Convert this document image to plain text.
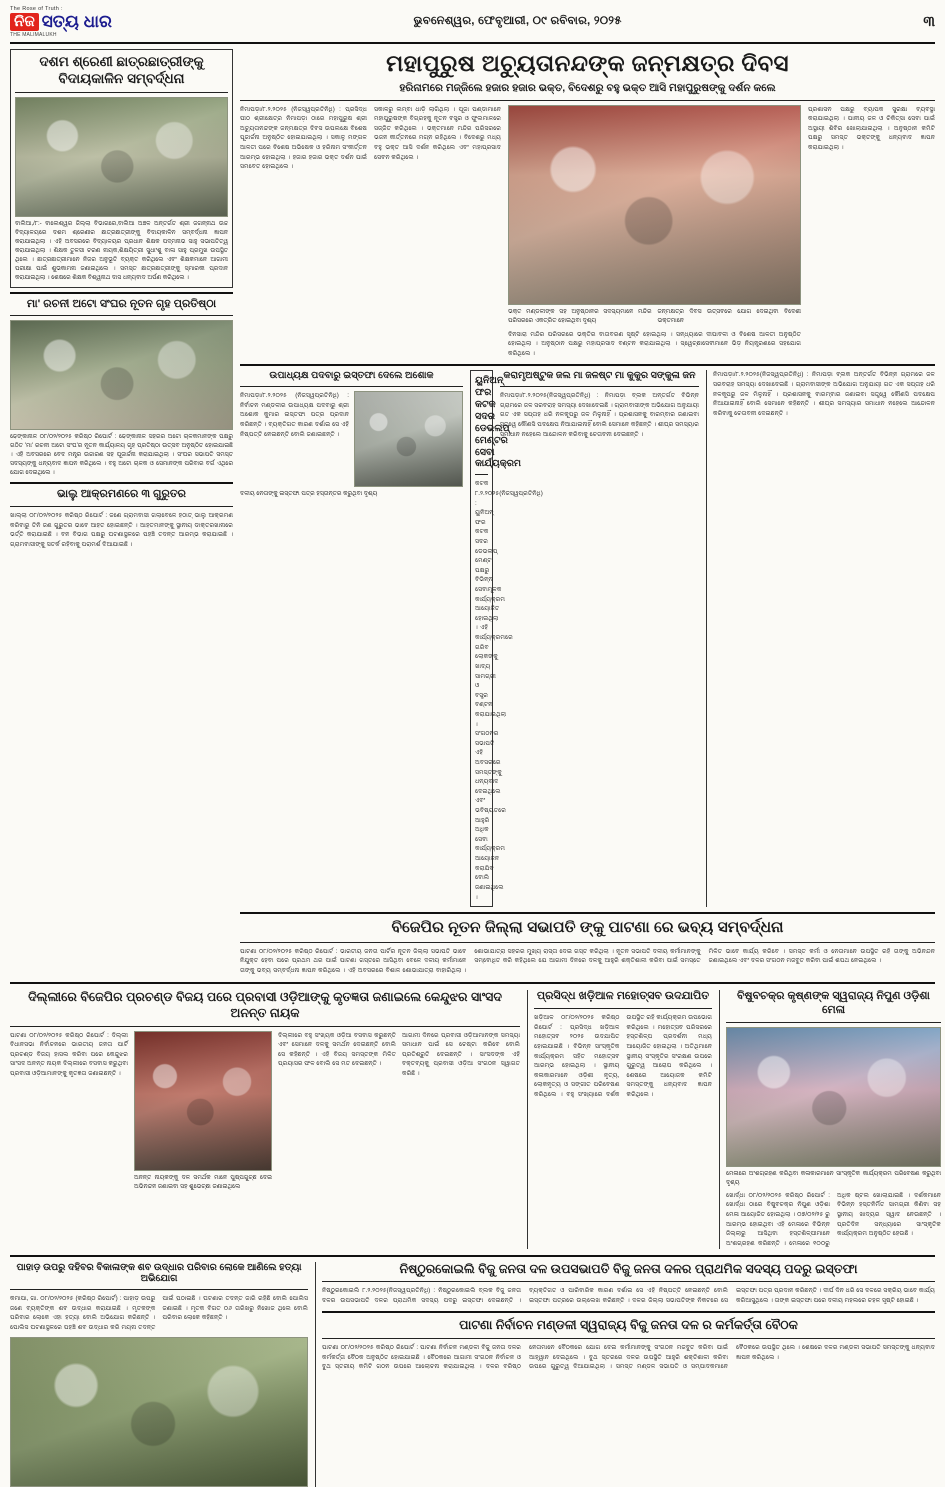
The Rose of Truth :
ନିଜ ସତ୍ୟ ଧାର
THE MALIMALUKH
ଭୁବନେଶ୍ୱର, ଫେବୃଆରୀ, ୦୯ ରବିବାର, ୨୦୨୫	୩
ଦଶମ ଶ୍ରେଣୀ ଛାତ୍ରଛାତ୍ରୀଙ୍କୁ ବିଦାୟକାଳିନ ସମ୍ବର୍ଦ୍ଧନା
ବାଲିଆ,/୮:- ବାଲେଶ୍ୱର ଜିଲ୍ଲା ବିଭାଗରେ,ବାଲିଆ ଅଞ୍ଚଳ ଅନ୍ତର୍ଗତ ଶ୍ରୀ ଜଗନ୍ନାଥ ଉଚ୍ଚ ବିଦ୍ୟାଳୟରେ ଦଶମ ଶ୍ରେଣୀର ଛାତ୍ରଛାତ୍ରୀଙ୍କୁ ବିଦାୟକାଳିନ ସମ୍ବର୍ଦ୍ଧନା ଜ୍ଞାପନ କରାଯାଇଥିଲା । ଏହି ଅବସରରେ ବିଦ୍ୟାଳୟର ପ୍ରଧାନ ଶିକ୍ଷକ ପଦ୍ମନାଭ ସାହୁ ସଭାପତିତ୍ୱ କରାଯାଇଥିଲା । ଶିକ୍ଷକ ତୁଳସୀ ଚରଣ ନାୟକ,ଶିକ୍ଷୟିତ୍ରୀ ସୁଧାଂଶୁ ବାଳା ସାହୁ ପ୍ରମୁଖ ଉପସ୍ଥିତ ଥିଲେ । ଛାତ୍ରଛାତ୍ରୀମାନେ ନିଜର ଅନୁଭୂତି ବ୍ୟକ୍ତ କରିଥିଲେ ଏବଂ ଶିକ୍ଷକମାନେ ଆଗାମୀ ପରୀକ୍ଷା ପାଇଁ ଶୁଭକାମନା ଜଣାଇଥିଲେ । ସମସ୍ତ ଛାତ୍ରଛାତ୍ରୀଙ୍କୁ ସ୍ମାରକୀ ପ୍ରଦାନ କରାଯାଇଥିଲା । ଶେଷରେ ଶିକ୍ଷକ ବିଶ୍ୱନାଥ ଦାସ ଧନ୍ୟବାଦ ଅର୍ପଣ କରିଥିଲେ ।
ମା' ରଚନୀ ଅଟୋ ସଂଘର ନୂତନ ଗୃହ ପ୍ରତିଷ୍ଠା
ଢେଙ୍କାନାଳ ୦୮/୦୨/୨୦୨୫ କରିଷ୍ଠ ରିପୋର୍ଟ : ଢେଙ୍କାନାଳ ସହରର ଅଟୋ ଚାଳକମାନଙ୍କ ପକ୍ଷରୁ ଗଠିତ 'ମା' ରଚନୀ ଅଟୋ ସଂଘ'ର ନୂତନ କାର୍ଯ୍ୟାଳୟ ଗୃହ ପ୍ରତିଷ୍ଠା ଉତ୍ସବ ଅନୁଷ୍ଠିତ ହୋଇଯାଇଛି । ଏହି ଅବସରରେ ବେଦ ମନ୍ତ୍ର ଉଚ୍ଚାରଣ ସହ ପୂଜାର୍ଚ୍ଚନା କରାଯାଇଥିଲା । ସଂଘର ସଭାପତି ସମସ୍ତ ସଦସ୍ୟଙ୍କୁ ଧନ୍ୟବାଦ ଜ୍ଞାପନ କରିଥିଲେ । ବହୁ ଅଟୋ ଚାଳକ ଓ ସେମାନଙ୍କ ପରିବାର ବର୍ଗ ଏଥିରେ ଯୋଗ ଦେଇଥିଲେ ।
ଭାଲୁ ଆକ୍ରମଣରେ ୩ ଗୁରୁତର
ଖାଲ୍ଲା ୦୮/୦୨/୨୦୨୫ କରିଷ୍ଠ ରିପୋର୍ଟ : ଜଣେ ଗ୍ରାମବାସୀ ଗଲାବେଳେ ହଠାତ୍ ଭାଲୁ ଆକ୍ରମଣ କରିବାରୁ ତିନି ଜଣ ଗୁରୁତର ଭାବେ ଆହତ ହୋଇଛନ୍ତି । ଆହତମାନଙ୍କୁ ସ୍ଥାନୀୟ ଡାକ୍ତରଖାନାରେ ଭର୍ତ୍ତି କରାଯାଇଛି । ବନ ବିଭାଗ ପକ୍ଷରୁ ଘଟଣାସ୍ଥଳରେ ପହଞ୍ଚି ତଦନ୍ତ ଆରମ୍ଭ କରାଯାଇଛି । ଗ୍ରାମବାସୀଙ୍କୁ ସତର୍କ ରହିବାକୁ ପରାମର୍ଶ ଦିଆଯାଇଛି ।
ମହାପୁରୁଷ ଅଚ୍ୟୁତାନନ୍ଦଙ୍କ ଜନ୍ମକ୍ଷତ୍ର ଦିବସ
ହରିନାମରେ ମଜ୍ଜିଲେ ହଜାର ହଜାର ଭକ୍ତ, ବିଦେଶରୁ ବହୁ ଭକ୍ତ ଆସି ମହାପୁରୁଷଙ୍କୁ ଦର୍ଶନ କଲେ
ନିମାପଡ଼ା/୮.୨.୨୦୨୫ (ନିଜସ୍ୱପ୍ରତିନିଧି) : ପ୍ରସିଦ୍ଧ ପୀଠ ଶ୍ରୀକ୍ଷେତ୍ର ନିମାପଡ଼ା ଠାରେ ମହାପୁରୁଷ ଶ୍ରୀ ଅଚ୍ୟୁତାନନ୍ଦଙ୍କ ଜନ୍ମକ୍ଷତ୍ର ଦିବସ ଉପଲକ୍ଷେ ବିଶେଷ ପୂଜାର୍ଚ୍ଚନା ଅନୁଷ୍ଠିତ ହୋଇଯାଇଥିଲା । ସକାଳୁ ମଙ୍ଗଳ ଆଳତୀ ପରେ ବିଶେଷ ଅଭିଷେକ ଓ ହରିନାମ ସଂକୀର୍ତ୍ତନ ଆରମ୍ଭ ହୋଇଥିଲା । ହଜାର ହଜାର ଭକ୍ତ ଦର୍ଶନ ପାଇଁ ସମବେତ ହୋଇଥିଲେ ।
ସକାଳରୁ ଲମ୍ବା ଧାଡ଼ି ଲାଗିଥିଲା । ପୂଜା ପଣ୍ଡାମାନେ ମହାପୁରୁଷଙ୍କ ବିଗ୍ରହକୁ ନୂତନ ବସ୍ତ୍ର ଓ ଫୁଲମାଳରେ ସଜ୍ଜିତ କରିଥିଲେ । ଭକ୍ତମାନେ ମନ୍ଦିର ପରିସରରେ ଭଜନ କୀର୍ତ୍ତନରେ ମଗ୍ନ ରହିଥିଲେ । ବିଦେଶରୁ ମଧ୍ୟ ବହୁ ଭକ୍ତ ଆସି ଦର୍ଶନ କରିଥିଲେ ଏବଂ ମହାପ୍ରସାଦ ସେବନ କରିଥିଲେ ।
ଭକ୍ତ ମଣ୍ଡଳୀଙ୍କ ସହ ଅନୁଷ୍ଠାନର ସଦସ୍ୟମାନେ ମନ୍ଦିର ପରିସରରେ ଏକତ୍ରିତ ହୋଇଥିବା ଦୃଶ୍ୟ
ଜନ୍ମକ୍ଷତ୍ର ଦିବସ ଉତ୍ସବରେ ଯୋଗ ଦେଇଥିବା ବିଦେଶୀ ଭକ୍ତମାନେ
ଦିନସାରା ମନ୍ଦିର ପରିସରରେ ଭକ୍ତିର ବାତାବରଣ ସୃଷ୍ଟି ହୋଇଥିଲା । ସନ୍ଧ୍ୟାରେ ଦୀପାବଳୀ ଓ ବିଶେଷ ଆଳତୀ ଅନୁଷ୍ଠିତ ହୋଇଥିଲା । ଅନୁଷ୍ଠାନ ପକ୍ଷରୁ ମହାପ୍ରସାଦ ବଣ୍ଟନ କରାଯାଇଥିଲା । ସ୍ୱେଚ୍ଛାସେବୀମାନେ ଭିଡ଼ ନିୟନ୍ତ୍ରଣରେ ସହଯୋଗ କରିଥିଲେ ।
ପ୍ରଶାସନ ପକ୍ଷରୁ ବ୍ୟାପକ ସୁରକ୍ଷା ବ୍ୟବସ୍ଥା କରାଯାଇଥିଲା । ପାନୀୟ ଜଳ ଓ ଚିକିତ୍ସା ସେବା ପାଇଁ ଅସ୍ଥାୟୀ ଶିବିର ଖୋଲାଯାଇଥିଲା । ଅନୁଷ୍ଠାନ କମିଟି ପକ୍ଷରୁ ସମସ୍ତ ଭକ୍ତଙ୍କୁ ଧନ୍ୟବାଦ ଜ୍ଞାପନ କରାଯାଇଥିଲା ।
ଉପାଧ୍ୟକ୍ଷ ପଦବାରୁ ଇସ୍ତଫା ଦେଲେ ଅଶୋକ
ନିମାପଡ଼ା/୮.୨.୨୦୨୫ (ନିଜସ୍ୱପ୍ରତିନିଧି) : ନିର୍ବାଚନ ମଣ୍ଡଳୀର ଉପାଧ୍ୟକ୍ଷ ପଦବାରୁ ଶ୍ରୀ ଅଶୋକ କୁମାର ଇସ୍ତଫା ପତ୍ର ପ୍ରଦାନ କରିଛନ୍ତି । ବ୍ୟକ୍ତିଗତ କାରଣ ଦର୍ଶାଇ ସେ ଏହି ନିଷ୍ପତ୍ତି ନେଇଛନ୍ତି ବୋଲି ଜଣାଇଛନ୍ତି ।
ଦଳୀୟ ନେତାଙ୍କୁ ଇସ୍ତଫା ପତ୍ର ହସ୍ତାନ୍ତର କରୁଥିବା ଦୃଶ୍ୟ
ୟୁନିଅନ୍ ଫର କଟକ ସଦର ଡେଭଲପ୍ ମେଣ୍ଟର ସେବା କାର୍ଯ୍ୟକ୍ରମ
କଟକ ୮.୨.୨୦୨୫(ନିଜସ୍ୱପ୍ରତିନିଧି) : ୟୁନିଅନ୍ ଫର କଟକ ସଦର ଡେଭଲପ୍ ମେଣ୍ଟ ପକ୍ଷରୁ ବିଭିନ୍ନ ସେବାମୂଳକ କାର୍ଯ୍ୟକ୍ରମ ଆୟୋଜିତ ହୋଇଥିଲା । ଏହି କାର୍ଯ୍ୟକ୍ରମରେ ଗରିବ ଲୋକଙ୍କୁ ଖାଦ୍ୟ ସାମଗ୍ରୀ ଓ ବସ୍ତ୍ର ବଣ୍ଟନ କରାଯାଇଥିଲା । ସଂଗଠନର ସଭାପତି ଏହି ଅବସରରେ ସମସ୍ତଙ୍କୁ ଧନ୍ୟବାଦ ଦେଇଥିଲେ ଏବଂ ଭବିଷ୍ୟତରେ ଆହୁରି ଅଧିକ ସେବା କାର୍ଯ୍ୟକ୍ରମ ଆୟୋଜନ କରାଯିବ ବୋଲି ଜଣାଇଥିଲେ ।
କରାମୃଅଷ୍ଟୁକ ଜଲ ମା ଜଳଷ୍ଟ ମା କୁକୁର ସଙ୍କୁଳା ଜନ
ନିମାପଡ଼ା/୮.୨.୨୦୨୫(ନିଜସ୍ୱପ୍ରତିନିଧି) : ନିମାପଡ଼ା ବ୍ଲକ ଅନ୍ତର୍ଗତ ବିଭିନ୍ନ ଗ୍ରାମରେ ଜଳ ସରବରାହ ସମସ୍ୟା ଦେଖାଦେଇଛି । ଗ୍ରାମବାସୀଙ୍କ ଅଭିଯୋଗ ଅନୁଯାୟୀ ଗତ ଏକ ସପ୍ତାହ ଧରି ନଳକୂପରୁ ଜଳ ମିଳୁନାହିଁ । ପ୍ରଶାସନକୁ ବାରମ୍ବାର ଜଣାଇବା ସତ୍ତ୍ୱେ କୌଣସି ପଦକ୍ଷେପ ନିଆଯାଇନାହିଁ ବୋଲି ସେମାନେ କହିଛନ୍ତି । ଶୀଘ୍ର ସମସ୍ୟାର ସମାଧାନ ନହେଲେ ଆନ୍ଦୋଳନ କରିବାକୁ ଚେତାବନୀ ଦେଇଛନ୍ତି ।
ନିମାପଡ଼ା/୮.୨.୨୦୨୫(ନିଜସ୍ୱପ୍ରତିନିଧି) : ନିମାପଡ଼ା ବ୍ଲକ ଅନ୍ତର୍ଗତ ବିଭିନ୍ନ ଗ୍ରାମରେ ଜଳ ସରବରାହ ସମସ୍ୟା ଦେଖାଦେଇଛି । ଗ୍ରାମବାସୀଙ୍କ ଅଭିଯୋଗ ଅନୁଯାୟୀ ଗତ ଏକ ସପ୍ତାହ ଧରି ନଳକୂପରୁ ଜଳ ମିଳୁନାହିଁ । ପ୍ରଶାସନକୁ ବାରମ୍ବାର ଜଣାଇବା ସତ୍ତ୍ୱେ କୌଣସି ପଦକ୍ଷେପ ନିଆଯାଇନାହିଁ ବୋଲି ସେମାନେ କହିଛନ୍ତି । ଶୀଘ୍ର ସମସ୍ୟାର ସମାଧାନ ନହେଲେ ଆନ୍ଦୋଳନ କରିବାକୁ ଚେତାବନୀ ଦେଇଛନ୍ତି ।
ବିଜେପିର ନୂତନ ଜିଲ୍ଲା ସଭାପତି ଙ୍କୁ ପାଟଣା ରେ ଭବ୍ୟ ସମ୍ବର୍ଦ୍ଧନା
ପାଟଣା ୦୮/୦୨/୨୦୨୫ କରିଷ୍ଠ ରିପୋର୍ଟ : ଭାରତୀୟ ଜନତା ପାର୍ଟିର ନୂତନ ଜିଲ୍ଲା ସଭାପତି ଭାବେ ନିଯୁକ୍ତ ହେବା ପରେ ପ୍ରଥମ ଥର ପାଇଁ ପାଟଣା ଗସ୍ତରେ ଆସିଥିବା ବେଳେ ଦଳୀୟ କର୍ମୀମାନେ ତାଙ୍କୁ ଭବ୍ୟ ସମ୍ବର୍ଦ୍ଧନା ଜ୍ଞାପନ କରିଥିଲେ । ଏହି ଅବସରରେ ବିଶାଳ ଶୋଭାଯାତ୍ରା ବାହାରିଥିଲା । ଶୋଭାଯାତ୍ରା ସହରର ମୁଖ୍ୟ ରାସ୍ତା ଦେଇ ଗସ୍ତ କରିଥିଲା । ନୂତନ ସଭାପତି ଦଳୀୟ କର୍ମୀମାନଙ୍କୁ ସମ୍ବୋଧିତ କରି କହିଥିଲେ ଯେ ଆଗାମୀ ଦିନରେ ଦଳକୁ ଆହୁରି ଶକ୍ତିଶାଳୀ କରିବା ପାଇଁ ସମସ୍ତେ ମିଳିତ ଭାବେ କାର୍ଯ୍ୟ କରିବେ । ସମସ୍ତ କର୍ମୀ ଓ ନେତାମାନେ ଉପସ୍ଥିତ ରହି ତାଙ୍କୁ ଅଭିନନ୍ଦନ ଜଣାଇଥିଲେ ଏବଂ ଦଳର ସଂଗଠନ ମଜବୁତ କରିବା ପାଇଁ ଶପଥ ନେଇଥିଲେ ।
ଦିଲ୍ଲୀରେ ବିଜେପିର ପ୍ରଚଣ୍ଡ ବିଜୟ ପରେ ପ୍ରବାସୀ ଓଡ଼ିଆଙ୍କୁ କୃତଜ୍ଞତା ଜଣାଇଲେ କେନ୍ଦୁଝର ସାଂସଦ ଅନନ୍ତ ନାୟକ
ପାଟଣା ୦୮/୦୨/୨୦୨୫ କରିଷ୍ଠ ରିପୋର୍ଟ : ଦିଲ୍ଲୀ ବିଧାନସଭା ନିର୍ବାଚନରେ ଭାରତୀୟ ଜନତା ପାର୍ଟି ପ୍ରଚଣ୍ଡ ବିଜୟ ହାସଲ କରିବା ପରେ କେନ୍ଦୁଝର ସାଂସଦ ଅନନ୍ତ ନାୟକ ଦିଲ୍ଲୀରେ ବସବାସ କରୁଥିବା ପ୍ରବାସୀ ଓଡ଼ିଆମାନଙ୍କୁ କୃତଜ୍ଞତା ଜଣାଇଛନ୍ତି ।
ଅନନ୍ତ ନାୟକଙ୍କୁ ଦଳ ସମର୍ଥକ ମାନେ ପୁଷ୍ପଗୁଚ୍ଛ ଦେଇ ଅଭିନନ୍ଦନ ଜଣାଇବା ସହ ଶୁଭେଚ୍ଛା ଜଣାଇଥିଲେ
ଦିଲ୍ଲୀରେ ବହୁ ସଂଖ୍ୟକ ଓଡ଼ିଆ ବସବାସ କରୁଛନ୍ତି ଏବଂ ସେମାନେ ଦଳକୁ ସମର୍ଥନ ଦେଇଛନ୍ତି ବୋଲି ସେ କହିଛନ୍ତି । ଏହି ବିଜୟ ସମସ୍ତଙ୍କ ମିଳିତ ପ୍ରୟାସର ଫଳ ବୋଲି ସେ ମତ ଦେଇଛନ୍ତି ।
ଆଗାମୀ ଦିନରେ ପ୍ରବାସୀ ଓଡ଼ିଆମାନଙ୍କ ସମସ୍ୟା ସମାଧାନ ପାଇଁ ସେ ଚେଷ୍ଟା କରିବେ ବୋଲି ପ୍ରତିଶ୍ରୁତି ଦେଇଛନ୍ତି । ସାଂସଦଙ୍କ ଏହି ବକ୍ତବ୍ୟକୁ ପ୍ରବାସୀ ଓଡ଼ିଆ ସଂଗଠନ ସ୍ୱାଗତ କରିଛି ।
ପ୍ରସିଦ୍ଧ ଖଡ଼ିଆଳ ମହୋତ୍ସବ ଉଦଯାପିତ
ଖଡ଼ିଆଳ ୦୮/୦୨/୨୦୨୫ କରିଷ୍ଠ ରିପୋର୍ଟ : ପ୍ରସିଦ୍ଧ ଖଡ଼ିଆଳ ମହୋତ୍ସବ ୨୦୨୫ ଉଦଯାପିତ ହୋଇଯାଇଛି । ବିଭିନ୍ନ ସାଂସ୍କୃତିକ କାର୍ଯ୍ୟକ୍ରମ ସହିତ ମହୋତ୍ସବ ଆରମ୍ଭ ହୋଇଥିଲା । ସ୍ଥାନୀୟ କଳାକାରମାନେ ଓଡ଼ିଶୀ ନୃତ୍ୟ, ଲୋକନୃତ୍ୟ ଓ ସଙ୍ଗୀତ ପରିବେଷଣ କରିଥିଲେ । ବହୁ ସଂଖ୍ୟାରେ ଦର୍ଶକ ଉପସ୍ଥିତ ରହି କାର୍ଯ୍ୟକ୍ରମ ଉପଭୋଗ କରିଥିଲେ । ମହୋତ୍ସବ ପରିସରରେ ହସ୍ତଶିଳ୍ପ ପ୍ରଦର୍ଶନୀ ମଧ୍ୟ ଆୟୋଜିତ ହୋଇଥିଲା । ଅତିଥିମାନେ ସ୍ଥାନୀୟ ସଂସ୍କୃତିର ସଂରକ୍ଷଣ ଉପରେ ଗୁରୁତ୍ୱ ଆରୋପ କରିଥିଲେ । ଶେଷରେ ଆୟୋଜକ କମିଟି ସମସ୍ତଙ୍କୁ ଧନ୍ୟବାଦ ଜ୍ଞାପନ କରିଥିଲେ ।
ବିଷୁବଚକ୍ର କୃଷ୍ଣଙ୍କ ସ୍ୱରାଜ୍ୟ ନିପୁଣ ଓଡ଼ିଶା ମେଳା
ମେଳାରେ ଅଂଶଗ୍ରହଣ କରିଥିବା କଳାକାରମାନେ ସାଂସ୍କୃତିକ କାର୍ଯ୍ୟକ୍ରମ ପରିବେଷଣ କରୁଥିବା ଦୃଶ୍ୟ
ଖୋର୍ଦ୍ଧା ୦୮/୦୨/୨୦୨୫ କରିଷ୍ଠ ରିପୋର୍ଟ : ଖୋର୍ଦ୍ଧା ଠାରେ ବିଷୁବଚକ୍ର ନିପୁଣ ଓଡ଼ିଶା ମେଳା ଆୟୋଜିତ ହୋଇଥିଲା । ୦୭/୦୨/୨୫ ରୁ ଆରମ୍ଭ ହୋଇଥିବା ଏହି ମେଳାରେ ବିଭିନ୍ନ ଜିଲ୍ଲାରୁ ଆସିଥିବା ହସ୍ତଶିଳ୍ପୀମାନେ ଅଂଶଗ୍ରହଣ କରିଛନ୍ତି । ମେଳାରେ ୧୦୦ରୁ ଅଧିକ ଷ୍ଟଲ ଖୋଲାଯାଇଛି । ଦର୍ଶକମାନେ ବିଭିନ୍ନ ହସ୍ତନିର୍ମିତ ସାମଗ୍ରୀ କିଣିବା ସହ ସ୍ଥାନୀୟ ଖାଦ୍ୟର ସ୍ୱାଦ ନେଉଛନ୍ତି । ପ୍ରତିଦିନ ସନ୍ଧ୍ୟାରେ ସାଂସ୍କୃତିକ କାର୍ଯ୍ୟକ୍ରମ ଅନୁଷ୍ଠିତ ହେଉଛି ।
ପାହାଡ଼ ଉପରୁ ଦହିବର ବିକାଳାଙ୍କ ଶବ ଉଦ୍ଧାର ପରିବାର ଲୋକେ ଆଣିଲେ ହତ୍ୟା ଅଭିଯୋଗ
କମାପା, ଗା. ୦୮/୦୨/୨୦୨୫ (କରିଷ୍ଠ ରିପୋର୍ଟ) : ପାହାଡ଼ ଉପରୁ ଜଣେ ବ୍ୟକ୍ତିଙ୍କ ଶବ ଉଦ୍ଧାର କରାଯାଇଛି । ମୃତକଙ୍କ ପରିବାର ଲୋକେ ଏହା ହତ୍ୟା ବୋଲି ଅଭିଯୋଗ କରିଛନ୍ତି । ପୋଲିସ ଘଟଣାସ୍ଥଳରେ ପହଞ୍ଚି ଶବ ଉଦ୍ଧାର କରି ମୟନା ତଦନ୍ତ ପାଇଁ ପଠାଇଛି । ଘଟଣାର ତଦନ୍ତ ଜାରି ରହିଛି ବୋଲି ପୋଲିସ ଜଣାଇଛି । ମୃତକ ବିଗତ ୦୬ ତାରିଖରୁ ନିଖୋଜ ଥିଲେ ବୋଲି ପରିବାର ଲୋକେ କହିଛନ୍ତି ।
ନିଷ୍ଠୁରକୋଇଲି ବିଜୁ ଜନତା ଦଳ ଉପସଭାପତି ବିଜୁ ଜନତା ଦଳର ପ୍ରାଥମିକ ସଦସ୍ୟ ପଦରୁ ଇସ୍ତଫା
ନିଷ୍ଠୁରକୋଇଲି ୮.୨.୨୦୨୫(ନିଜସ୍ୱପ୍ରତିନିଧି) : ନିଷ୍ଠୁରକୋଇଲି ବ୍ଲକ ବିଜୁ ଜନତା ଦଳର ଉପସଭାପତି ଦଳର ପ୍ରାଥମିକ ସଦସ୍ୟ ପଦରୁ ଇସ୍ତଫା ଦେଇଛନ୍ତି । ବ୍ୟକ୍ତିଗତ ଓ ପାରିବାରିକ କାରଣ ଦର୍ଶାଇ ସେ ଏହି ନିଷ୍ପତ୍ତି ନେଇଛନ୍ତି ବୋଲି ଇସ୍ତଫା ପତ୍ରରେ ଉଲ୍ଲେଖ କରିଛନ୍ତି । ଦଳର ଜିଲ୍ଲା ସଭାପତିଙ୍କ ନିକଟରେ ସେ ଇସ୍ତଫା ପତ୍ର ପ୍ରଦାନ କରିଛନ୍ତି । ଦୀର୍ଘ ଦିନ ଧରି ସେ ଦଳରେ ସକ୍ରିୟ ଭାବେ କାର୍ଯ୍ୟ କରିଆସୁଥିଲେ । ତାଙ୍କ ଇସ୍ତଫା ପରେ ଦଳୀୟ ମହଲରେ ଚହଳ ସୃଷ୍ଟି ହୋଇଛି ।
ପାଟଣା ନିର୍ବାଚନ ମଣ୍ଡଳୀ ସ୍ୱରାଜ୍ୟ ବିଜୁ ଜନତା ଦଳ ର କର୍ମକର୍ତ୍ତା ବୈଠକ
ପାଟଣା ୦୮/୦୨/୨୦୨୫ କରିଷ୍ଠ ରିପୋର୍ଟ : ପାଟଣା ନିର୍ବାଚନ ମଣ୍ଡଳୀ ବିଜୁ ଜନତା ଦଳର କର୍ମକର୍ତ୍ତା ବୈଠକ ଅନୁଷ୍ଠିତ ହୋଇଯାଇଛି । ବୈଠକରେ ଆଗାମୀ ସଂଗଠନ ନିର୍ବାଚନ ଓ ବୁଥ ସ୍ତରୀୟ କମିଟି ଗଠନ ଉପରେ ଆଲୋଚନା କରାଯାଇଥିଲା । ଦଳର ବରିଷ୍ଠ ନେତାମାନେ ବୈଠକରେ ଯୋଗ ଦେଇ କର୍ମୀମାନଙ୍କୁ ସଂଗଠନ ମଜବୁତ କରିବା ପାଇଁ ଆହ୍ୱାନ ଦେଇଥିଲେ । ବୁଥ ସ୍ତରରେ ଦଳର ଉପସ୍ଥିତି ଆହୁରି ଶକ୍ତିଶାଳୀ କରିବା ଉପରେ ଗୁରୁତ୍ୱ ଦିଆଯାଇଥିଲା । ସମସ୍ତ ମଣ୍ଡଳ ସଭାପତି ଓ ସମ୍ପାଦକମାନେ ବୈଠକରେ ଉପସ୍ଥିତ ଥିଲେ । ଶେଷରେ ଦଳର ମଣ୍ଡଳୀ ସଭାପତି ସମସ୍ତଙ୍କୁ ଧନ୍ୟବାଦ ଜ୍ଞାପନ କରିଥିଲେ ।
